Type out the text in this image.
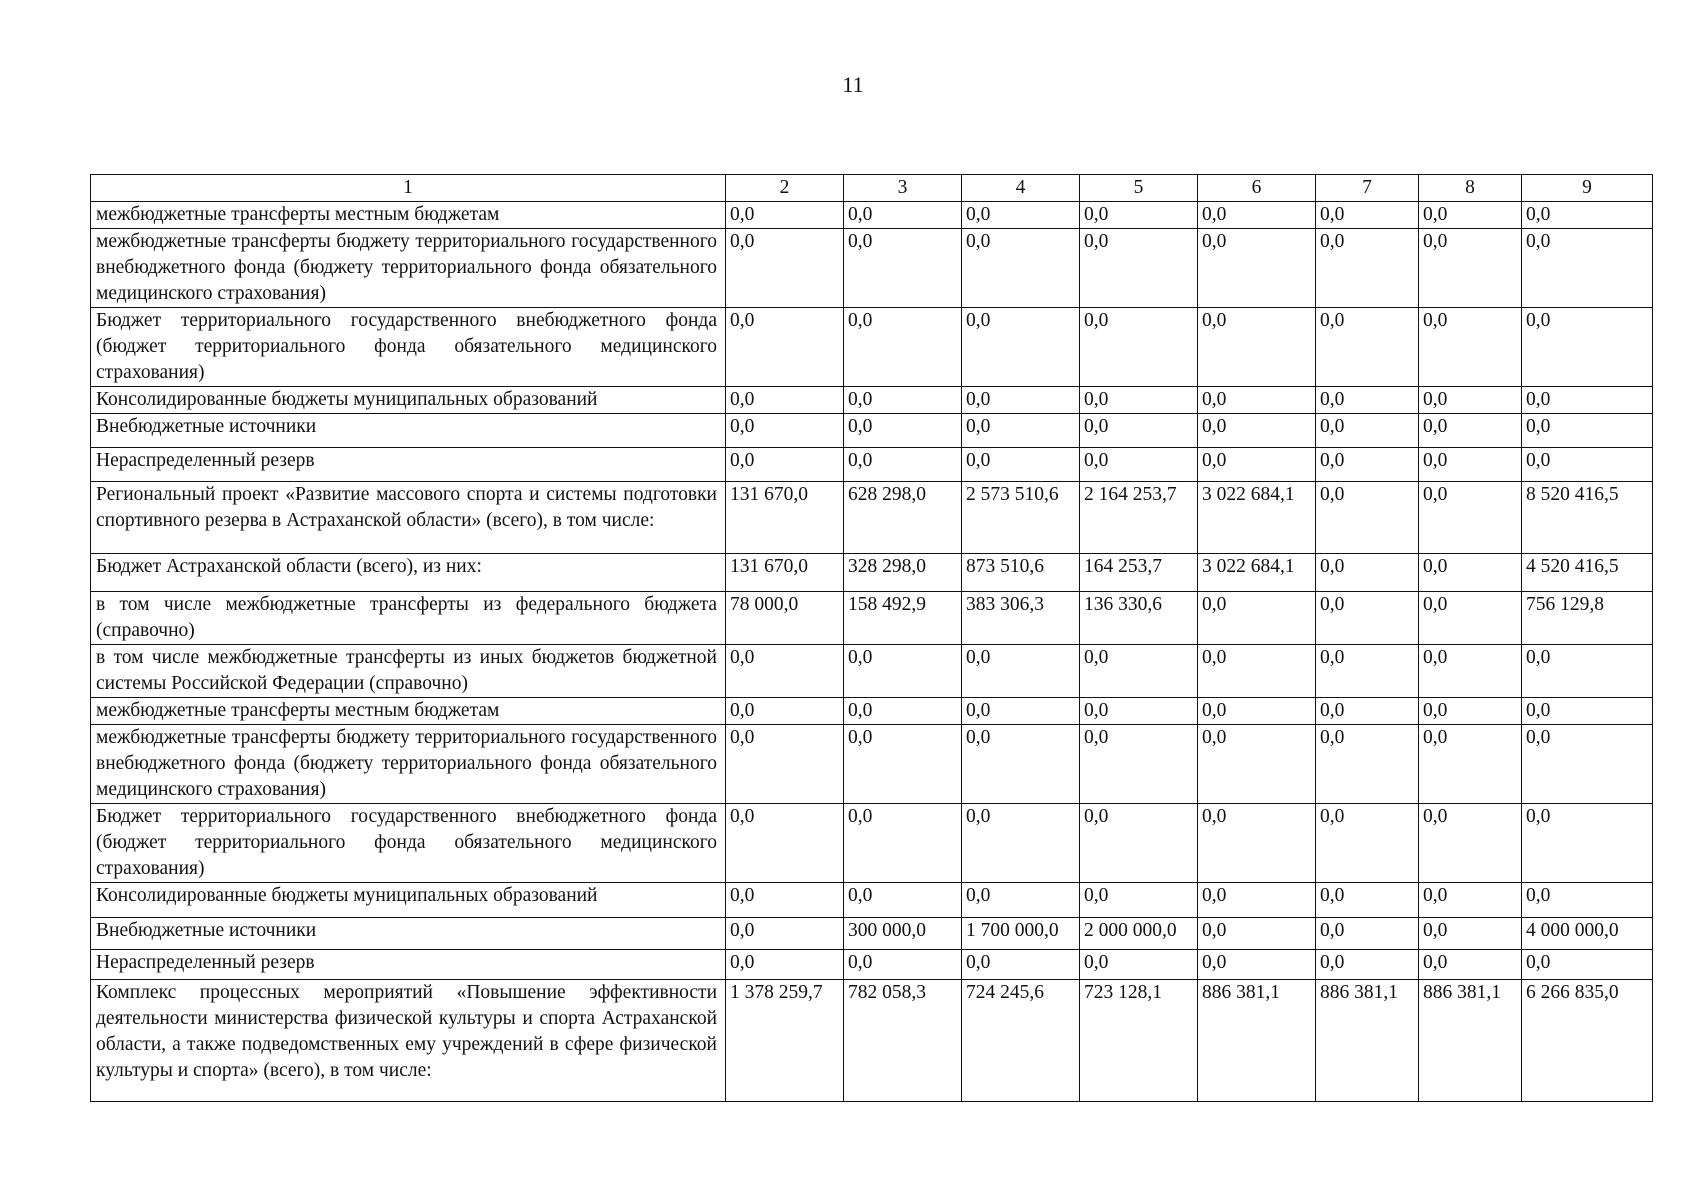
11
1	2	3	4	5	6	7	8	9
межбюджетные трансферты местным бюджетам	0,0	0,0	0,0	0,0	0,0	0,0	0,0	0,0
межбюджетные трансферты бюджету территориального государственного внебюджетного фонда (бюджету территориального фонда обязательного медицинского страхования)	0,0	0,0	0,0	0,0	0,0	0,0	0,0	0,0
Бюджет территориального государственного внебюджетного фонда (бюджет территориального фонда обязательного медицинского страхования)	0,0	0,0	0,0	0,0	0,0	0,0	0,0	0,0
Консолидированные бюджеты муниципальных образований	0,0	0,0	0,0	0,0	0,0	0,0	0,0	0,0
Внебюджетные источники	0,0	0,0	0,0	0,0	0,0	0,0	0,0	0,0
Нераспределенный резерв	0,0	0,0	0,0	0,0	0,0	0,0	0,0	0,0
Региональный проект «Развитие массового спорта и системы подготовки спортивного резерва в Астраханской области» (всего), в том числе:	131 670,0	628 298,0	2 573 510,6	2 164 253,7	3 022 684,1	0,0	0,0	8 520 416,5
Бюджет Астраханской области (всего), из них:	131 670,0	328 298,0	873 510,6	164 253,7	3 022 684,1	0,0	0,0	4 520 416,5
в том числе межбюджетные трансферты из федерального бюджета (справочно)	78 000,0	158 492,9	383 306,3	136 330,6	0,0	0,0	0,0	756 129,8
в том числе межбюджетные трансферты из иных бюджетов бюджетной системы Российской Федерации (справочно)	0,0	0,0	0,0	0,0	0,0	0,0	0,0	0,0
межбюджетные трансферты местным бюджетам	0,0	0,0	0,0	0,0	0,0	0,0	0,0	0,0
межбюджетные трансферты бюджету территориального государственного внебюджетного фонда (бюджету территориального фонда обязательного медицинского страхования)	0,0	0,0	0,0	0,0	0,0	0,0	0,0	0,0
Бюджет территориального государственного внебюджетного фонда (бюджет территориального фонда обязательного медицинского страхования)	0,0	0,0	0,0	0,0	0,0	0,0	0,0	0,0
Консолидированные бюджеты муниципальных образований	0,0	0,0	0,0	0,0	0,0	0,0	0,0	0,0
Внебюджетные источники	0,0	300 000,0	1 700 000,0	2 000 000,0	0,0	0,0	0,0	4 000 000,0
Нераспределенный резерв	0,0	0,0	0,0	0,0	0,0	0,0	0,0	0,0
Комплекс процессных мероприятий «Повышение эффективности деятельности министерства физической культуры и спорта Астраханской области, а также подведомственных ему учреждений в сфере физической культуры и спорта» (всего), в том числе:	1 378 259,7	782 058,3	724 245,6	723 128,1	886 381,1	886 381,1	886 381,1	6 266 835,0
